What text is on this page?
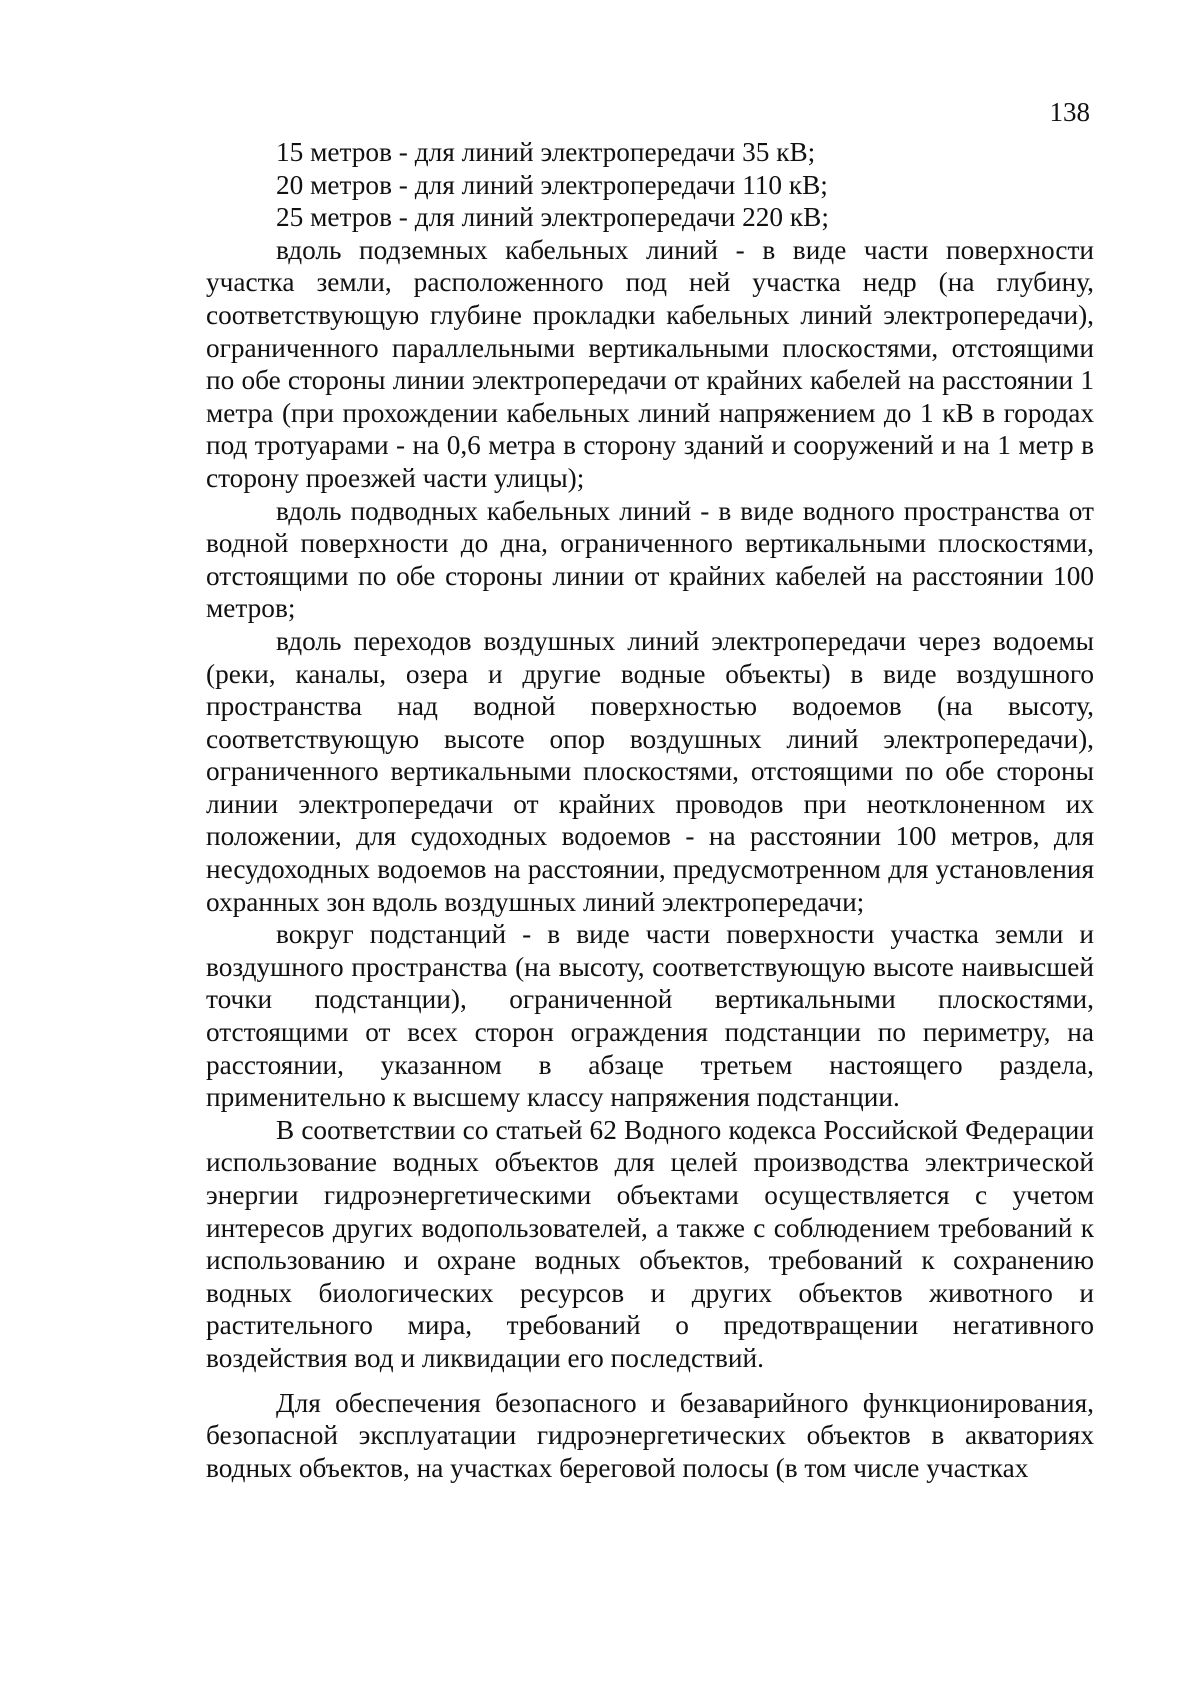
138

15 метров - для линий электропередачи 35 кВ;

20 метров - для линий электропередачи 110 кВ;

25 метров - для линий электропередачи 220 кВ;

вдоль подземных кабельных линий - в виде части поверхности участка земли, расположенного под ней участка недр (на глубину, соответствующую глубине прокладки кабельных линий электропередачи), ограниченного параллельными вертикальными плоскостями, отстоящими по обе стороны линии электропередачи от крайних кабелей на расстоянии 1 метра (при прохождении кабельных линий напряжением до 1 кВ в городах под тротуарами - на 0,6 метра в сторону зданий и сооружений и на 1 метр в сторону проезжей части улицы);

вдоль подводных кабельных линий - в виде водного пространства от водной поверхности до дна, ограниченного вертикальными плоскостями, отстоящими по обе стороны линии от крайних кабелей на расстоянии 100 метров;

вдоль переходов воздушных линий электропередачи через водоемы (реки, каналы, озера и другие водные объекты) в виде воздушного пространства над водной поверхностью водоемов (на высоту, соответствующую высоте опор воздушных линий электропередачи), ограниченного вертикальными плоскостями, отстоящими по обе стороны линии электропередачи от крайних проводов при неотклоненном их положении, для судоходных водоемов - на расстоянии 100 метров, для несудоходных водоемов на расстоянии, предусмотренном для установления охранных зон вдоль воздушных линий электропередачи;

вокруг подстанций - в виде части поверхности участка земли и воздушного пространства (на высоту, соответствующую высоте наивысшей точки подстанции), ограниченной вертикальными плоскостями, отстоящими от всех сторон ограждения подстанции по периметру, на расстоянии, указанном в абзаце третьем настоящего раздела, применительно к высшему классу напряжения подстанции.

В соответствии со статьей 62 Водного кодекса Российской Федерации использование водных объектов для целей производства электрической энергии гидроэнергетическими объектами осуществляется с учетом интересов других водопользователей, а также с соблюдением требований к использованию и охране водных объектов, требований к сохранению водных биологических ресурсов и других объектов животного и растительного мира, требований о предотвращении негативного воздействия вод и ликвидации его последствий.

Для обеспечения безопасного и безаварийного функционирования, безопасной эксплуатации гидроэнергетических объектов в акваториях водных объектов, на участках береговой полосы (в том числе участках
